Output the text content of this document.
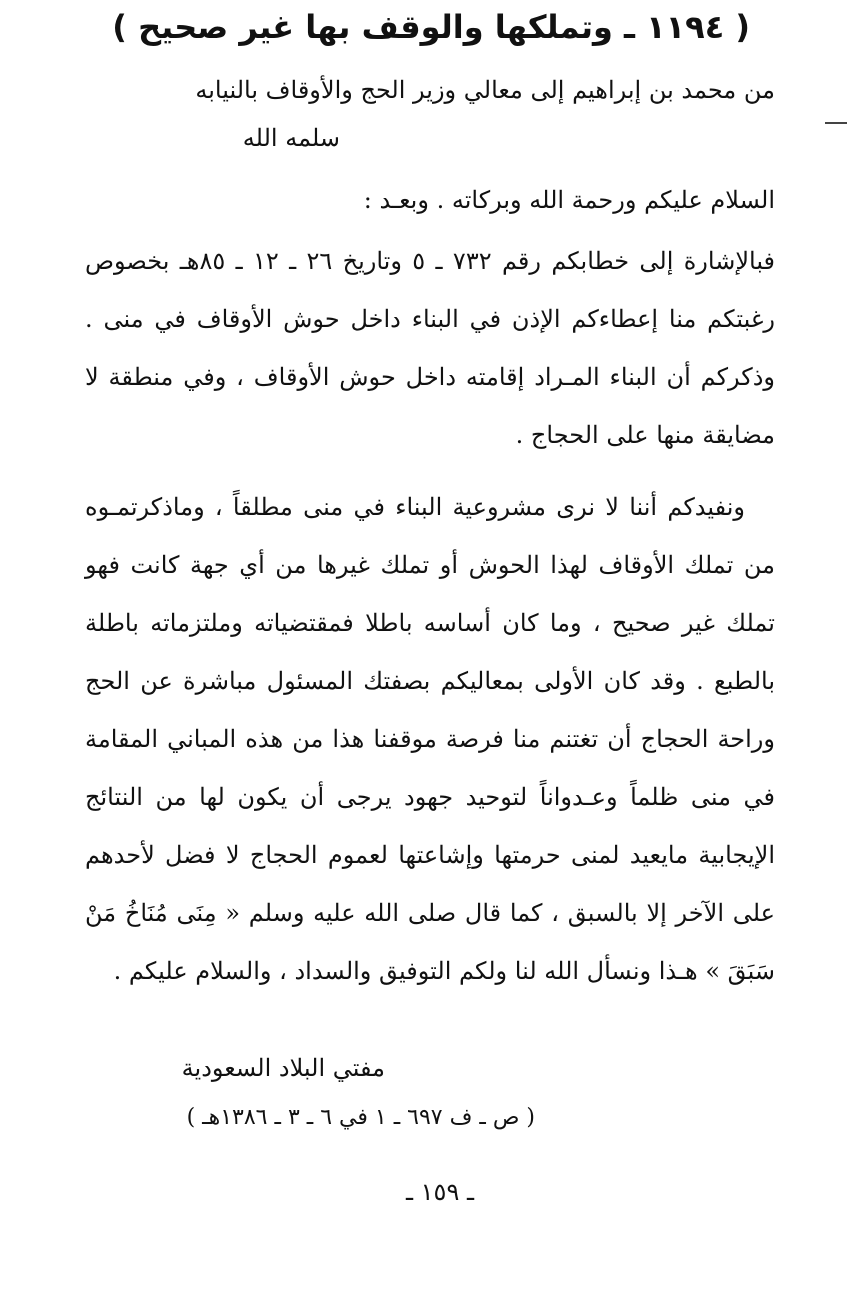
( ١١٩٤ ـ وتملكها والوقف بها غير صحيح )
من محمد بن إبراهيم إلى معالي وزير الحج والأوقاف بالنيابه
سلمه الله
السلام عليكم ورحمة الله وبركاته . وبعـد :

فبالإشارة إلى خطابكم رقم ٧٣٢ ـ ٥ وتاريخ ٢٦ ـ ١٢ ـ ٨٥هـ بخصوص رغبتكم منا إعطاءكم الإذن في البناء داخل حوش الأوقاف في منى . وذكركم أن البناء المـراد إقامته داخل حوش الأوقاف ، وفي منطقة لا مضايقة منها على الحجاج .

ونفيدكم أننا لا نرى مشروعية البناء في منى مطلقاً ، وماذكرتمـوه من تملك الأوقاف لهذا الحوش أو تملك غيرها من أي جهة كانت فهو تملك غير صحيح ، وما كان أساسه باطلا فمقتضياته وملتزماته باطلة بالطبع . وقد كان الأولى بمعاليكم بصفتك المسئول مباشرة عن الحج وراحة الحجاج أن تغتنم منا فرصة موقفنا هذا من هذه المباني المقامة في منى ظلماً وعـدواناً لتوحيد جهود يرجى أن يكون لها من النتائج الإيجابية مايعيد لمنى حرمتها وإشاعتها لعموم الحجاج لا فضل لأحدهم على الآخر إلا بالسبق ، كما قال صلى الله عليه وسلم « مِنَى مُنَاخُ مَنْ سَبَقَ » هـذا ونسأل الله لنا ولكم التوفيق والسداد ، والسلام عليكم .

مفتي البلاد السعودية
( ص ـ ف ٦٩٧ ـ ١ في ٦ ـ ٣ ـ ١٣٨٦هـ )
ـ ١٥٩ ـ
